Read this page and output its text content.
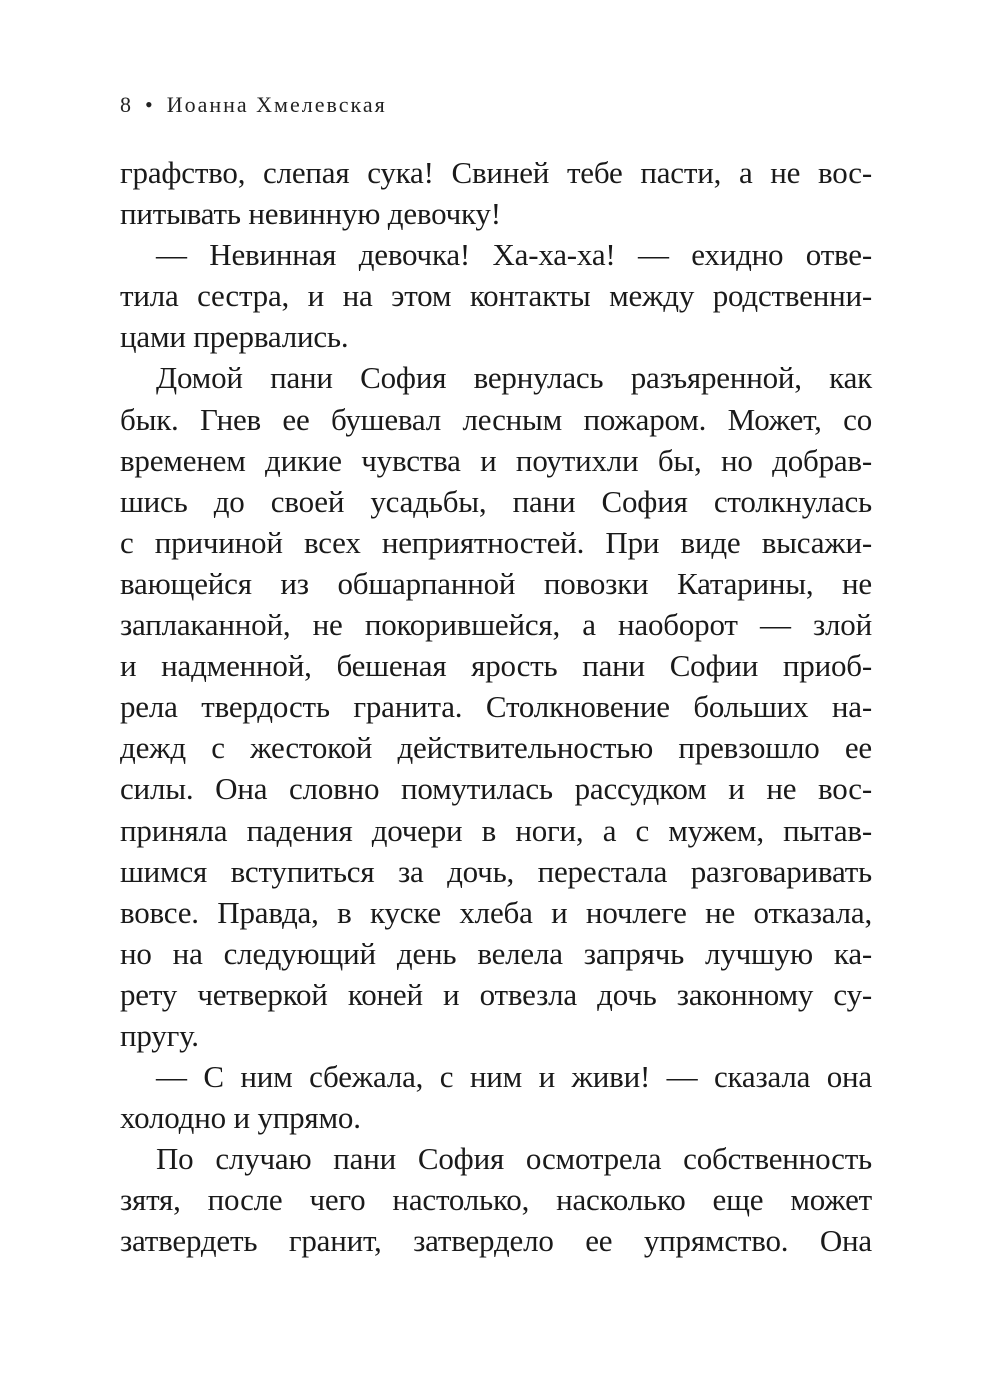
8 • Иоанна Хмелевская
графство, слепая сука! Свиней тебе пасти, а не вос-
питывать невинную девочку!
— Невинная девочка! Ха-ха-ха! — ехидно отве-
тила сестра, и на этом контакты между родственни-
цами прервались.
Домой пани София вернулась разъяренной, как
бык. Гнев ее бушевал лесным пожаром. Может, со
временем дикие чувства и поутихли бы, но добрав-
шись до своей усадьбы, пани София столкнулась
с причиной всех неприятностей. При виде высажи-
вающейся из обшарпанной повозки Катарины, не
заплаканной, не покорившейся, а наоборот — злой
и надменной, бешеная ярость пани Софии приоб-
рела твердость гранита. Столкновение больших на-
дежд с жестокой действительностью превзошло ее
силы. Она словно помутилась рассудком и не вос-
приняла падения дочери в ноги, а с мужем, пытав-
шимся вступиться за дочь, перестала разговаривать
вовсе. Правда, в куске хлеба и ночлеге не отказала,
но на следующий день велела запрячь лучшую ка-
рету четверкой коней и отвезла дочь законному су-
пругу.
— С ним сбежала, с ним и живи! — сказала она
холодно и упрямо.
По случаю пани София осмотрела собственность
зятя, после чего настолько, насколько еще может
затвердеть гранит, затвердело ее упрямство. Она
